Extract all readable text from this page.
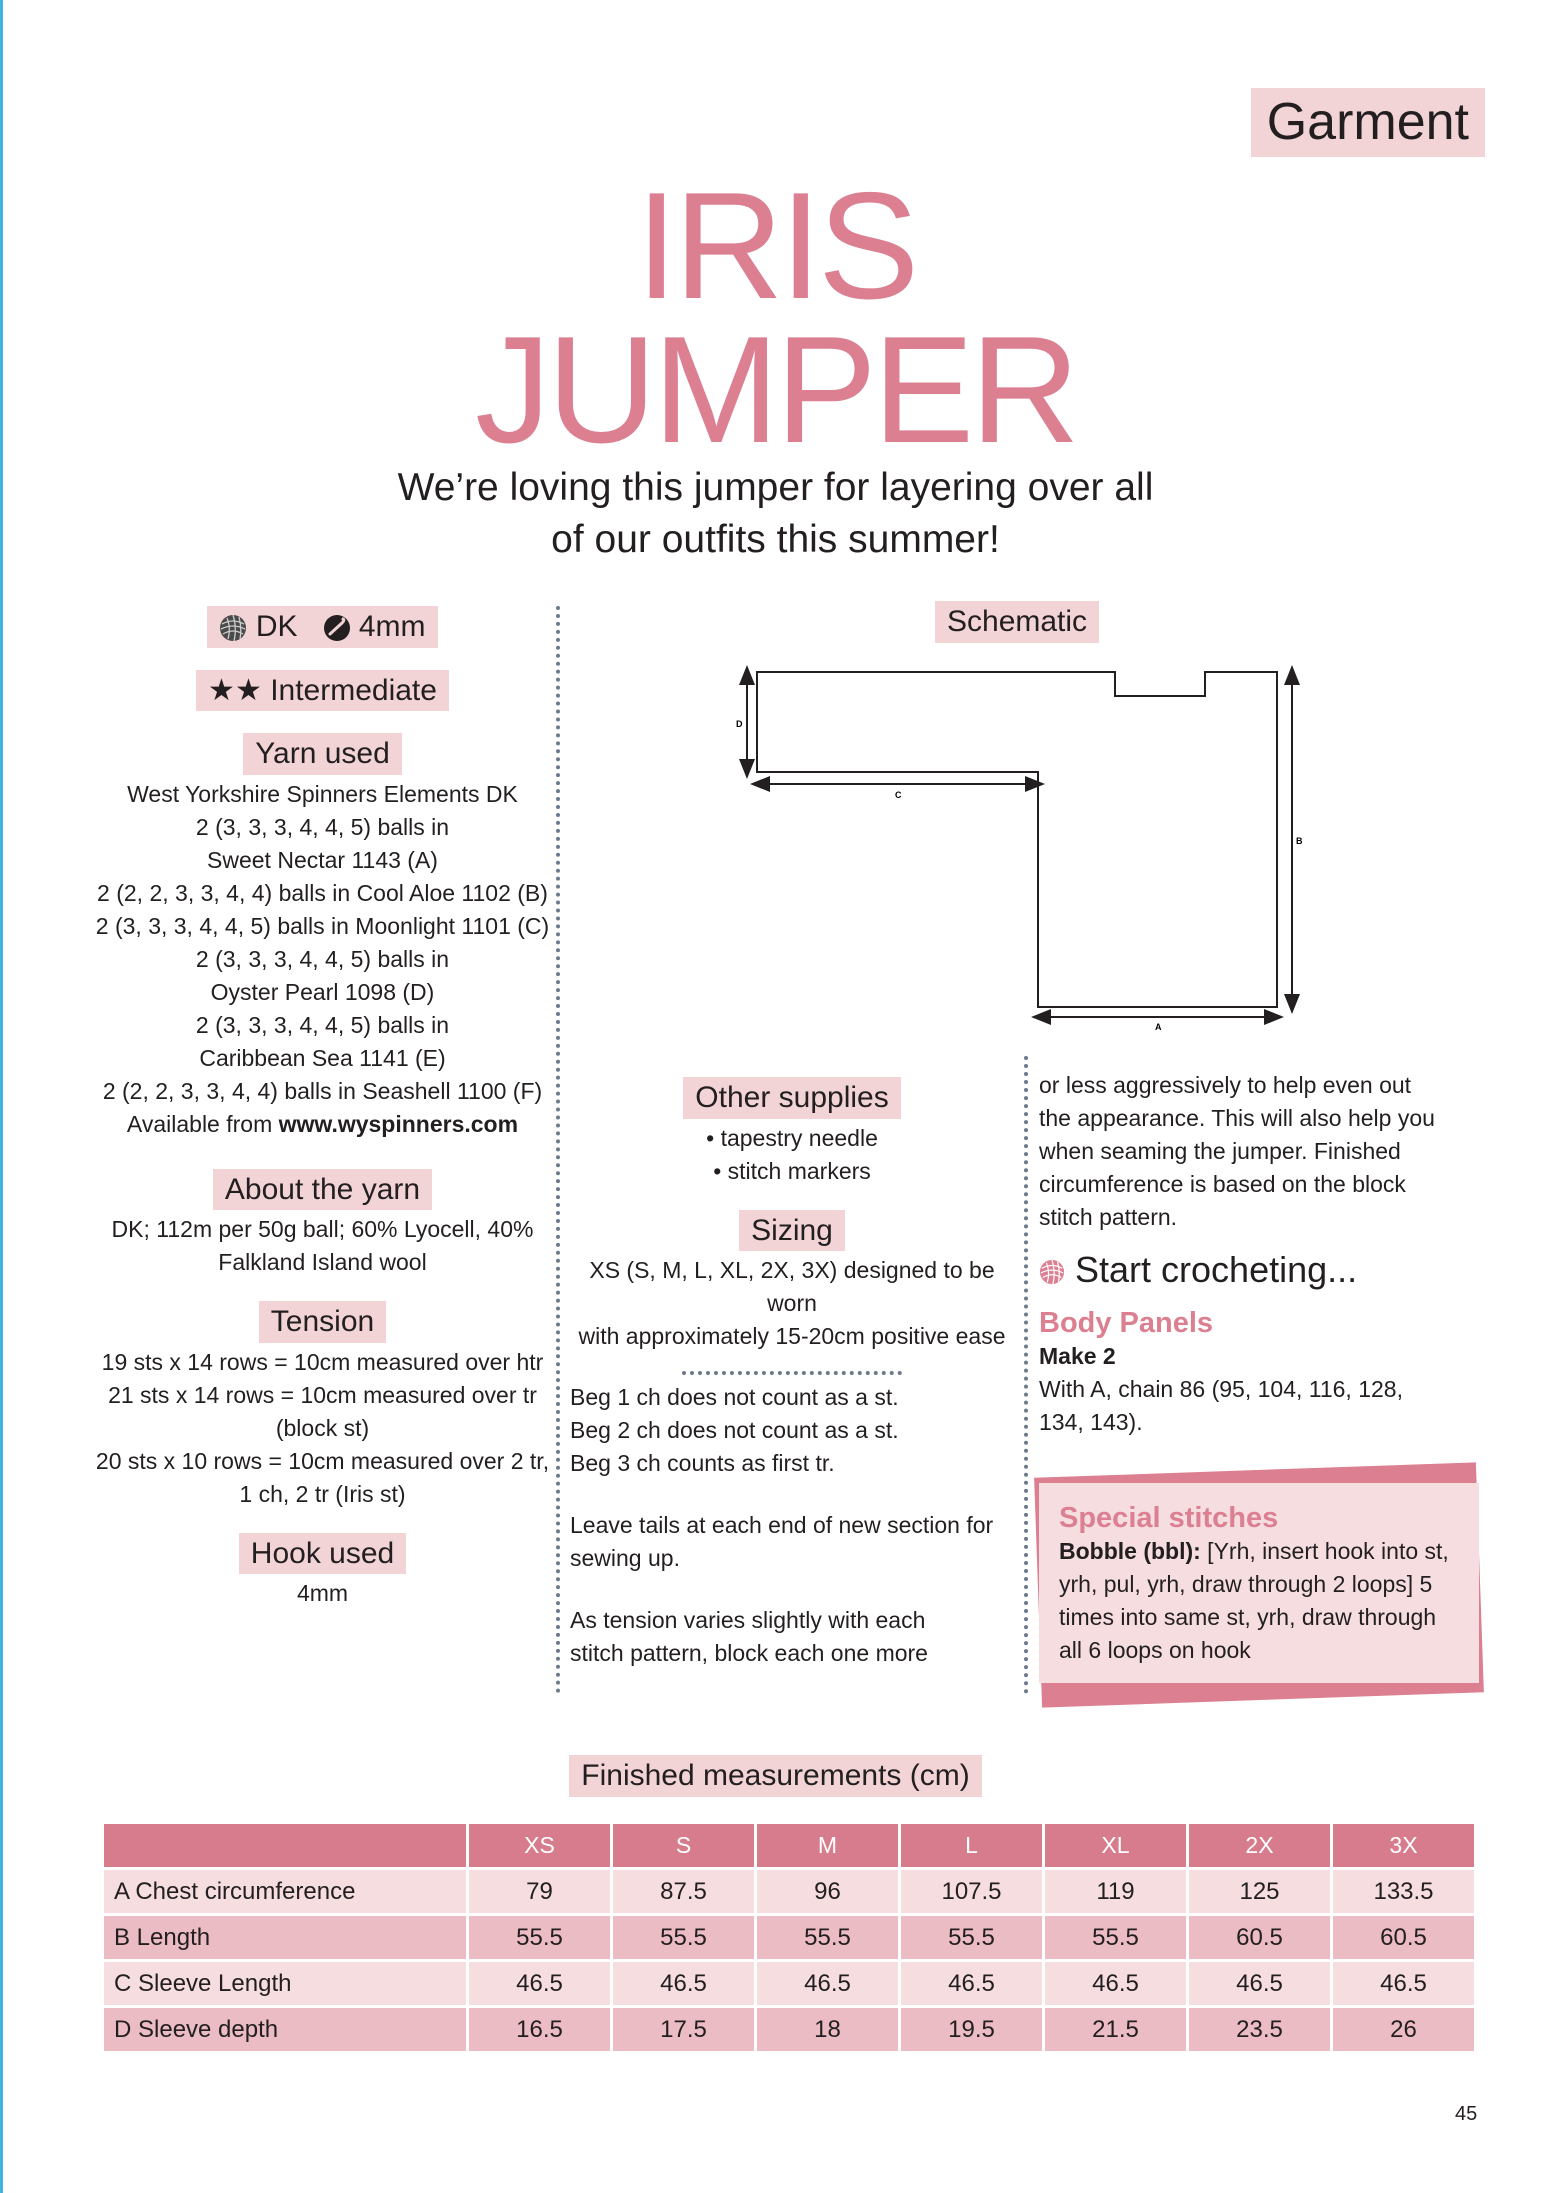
Garment
IRIS
JUMPER
We’re loving this jumper for layering over all
of our outfits this summer!
DK 4mm
★★ Intermediate
Yarn used
West Yorkshire Spinners Elements DK
2 (3, 3, 3, 4, 4, 5) balls in
Sweet Nectar 1143 (A)
2 (2, 2, 3, 3, 4, 4) balls in Cool Aloe 1102 (B)
2 (3, 3, 3, 4, 4, 5) balls in Moonlight 1101 (C)
2 (3, 3, 3, 4, 4, 5) balls in
Oyster Pearl 1098 (D)
2 (3, 3, 3, 4, 4, 5) balls in
Caribbean Sea 1141 (E)
2 (2, 2, 3, 3, 4, 4) balls in Seashell 1100 (F)
Available from www.wyspinners.com
About the yarn
DK; 112m per 50g ball; 60% Lyocell, 40%
Falkland Island wool
Tension
19 sts x 14 rows = 10cm measured over htr
21 sts x 14 rows = 10cm measured over tr
(block st)
20 sts x 10 rows = 10cm measured over 2 tr,
1 ch, 2 tr (Iris st)
Hook used
4mm
Schematic
D
C
B
A
Other supplies
• tapestry needle
• stitch markers
Sizing
XS (S, M, L, XL, 2X, 3X) designed to be worn
with approximately 15-20cm positive ease
Beg 1 ch does not count as a st.
Beg 2 ch does not count as a st.
Beg 3 ch counts as first tr.
Leave tails at each end of new section for
sewing up.
As tension varies slightly with each
stitch pattern, block each one more
or less aggressively to help even out
the appearance. This will also help you
when seaming the jumper. Finished
circumference is based on the block
stitch pattern.
Start crocheting...
Body Panels
Make 2
With A, chain 86 (95, 104, 116, 128,
134, 143).
Special stitches
Bobble (bbl): [Yrh, insert hook into st,
yrh, pul, yrh, draw through 2 loops] 5
times into same st, yrh, draw through
all 6 loops on hook
Finished measurements (cm)
	XS	S	M	L	XL	2X	3X
A Chest circumference	79	87.5	96	107.5	119	125	133.5
B Length	55.5	55.5	55.5	55.5	55.5	60.5	60.5
C Sleeve Length	46.5	46.5	46.5	46.5	46.5	46.5	46.5
D Sleeve depth	16.5	17.5	18	19.5	21.5	23.5	26
45
